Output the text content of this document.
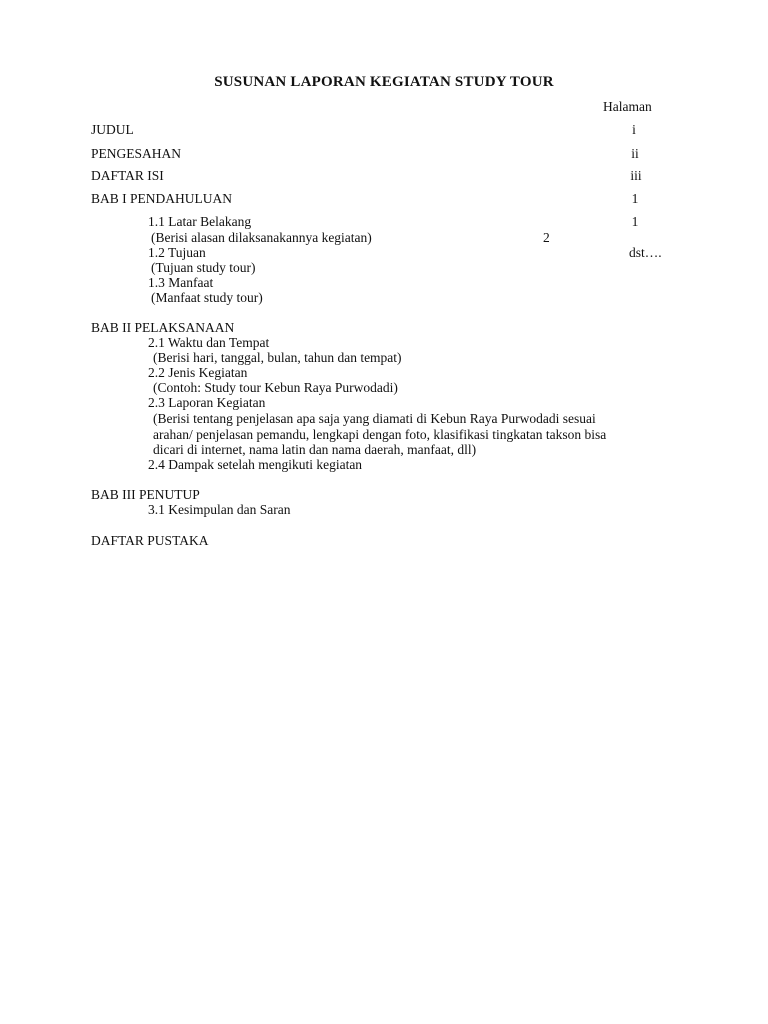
SUSUNAN LAPORAN KEGIATAN STUDY TOUR
Halaman
JUDUL	i
PENGESAHAN	ii
DAFTAR ISI	iii
BAB I PENDAHULUAN	1
1.1 Latar Belakang	1
(Berisi alasan dilaksanakannya kegiatan)	2
1.2 Tujuan	dst….
(Tujuan study tour)
1.3 Manfaat
(Manfaat study tour)
BAB II PELAKSANAAN
2.1 Waktu dan Tempat
(Berisi hari, tanggal, bulan, tahun dan tempat)
2.2 Jenis Kegiatan
(Contoh: Study tour Kebun Raya Purwodadi)
2.3 Laporan Kegiatan
(Berisi tentang penjelasan apa saja yang diamati di Kebun Raya Purwodadi sesuai
arahan/ penjelasan pemandu, lengkapi dengan foto, klasifikasi tingkatan takson bisa
dicari di internet, nama latin dan nama daerah, manfaat, dll)
2.4 Dampak setelah mengikuti kegiatan
BAB III PENUTUP
3.1 Kesimpulan dan Saran
DAFTAR PUSTAKA
